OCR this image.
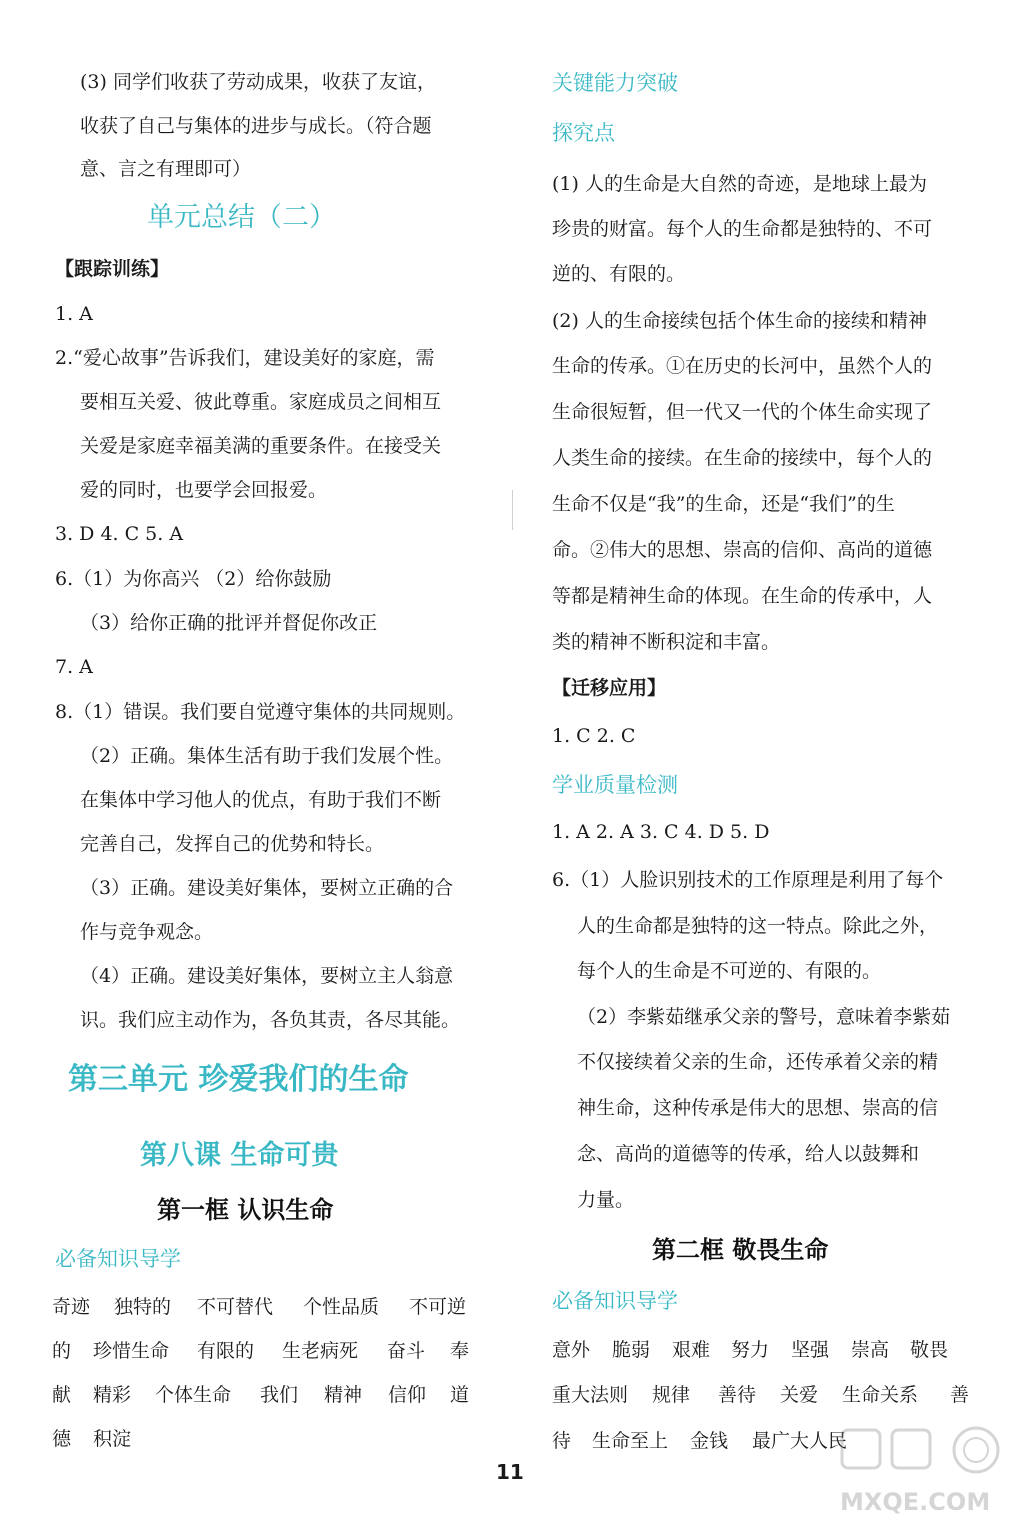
(3) 同学们收获了劳动成果，收获了友谊，
收获了自己与集体的进步与成长。（符合题
意、言之有理即可）
单元总结（二）
【跟踪训练】
1. A
2.“爱心故事”告诉我们，建设美好的家庭，需
要相互关爱、彼此尊重。家庭成员之间相互
关爱是家庭幸福美满的重要条件。在接受关
爱的同时，也要学会回报爱。
3. D 4. C 5. A
6.（1）为你高兴 （2）给你鼓励
（3）给你正确的批评并督促你改正
7. A
8.（1）错误。我们要自觉遵守集体的共同规则。
（2）正确。集体生活有助于我们发展个性。
在集体中学习他人的优点，有助于我们不断
完善自己，发挥自己的优势和特长。
（3）正确。建设美好集体，要树立正确的合
作与竞争观念。
（4）正确。建设美好集体，要树立主人翁意
识。我们应主动作为，各负其责，各尽其能。
第三单元 珍爱我们的生命
第八课 生命可贵
第一框 认识生命
必备知识导学
奇迹 独特的 不可替代 个性品质 不可逆
的 珍惜生命 有限的 生老病死 奋斗 奉
献 精彩 个体生命 我们 精神 信仰 道
德 积淀
关键能力突破
探究点
(1) 人的生命是大自然的奇迹，是地球上最为
珍贵的财富。每个人的生命都是独特的、不可
逆的、有限的。
(2) 人的生命接续包括个体生命的接续和精神
生命的传承。①在历史的长河中，虽然个人的
生命很短暂，但一代又一代的个体生命实现了
人类生命的接续。在生命的接续中，每个人的
生命不仅是“我”的生命，还是“我们”的生
命。②伟大的思想、崇高的信仰、高尚的道德
等都是精神生命的体现。在生命的传承中，人
类的精神不断积淀和丰富。
【迁移应用】
1. C 2. C
学业质量检测
1. A 2. A 3. C 4. D 5. D
6.（1）人脸识别技术的工作原理是利用了每个
人的生命都是独特的这一特点。除此之外，
每个人的生命是不可逆的、有限的。
（2）李紫茹继承父亲的警号，意味着李紫茹
不仅接续着父亲的生命，还传承着父亲的精
神生命，这种传承是伟大的思想、崇高的信
念、高尚的道德等的传承，给人以鼓舞和
力量。
第二框 敬畏生命
必备知识导学
意外 脆弱 艰难 努力 坚强 崇高 敬畏
重大法则 规律 善待 关爱 生命关系 善
待 生命至上 金钱 最广大人民
11
MXQE.COM
